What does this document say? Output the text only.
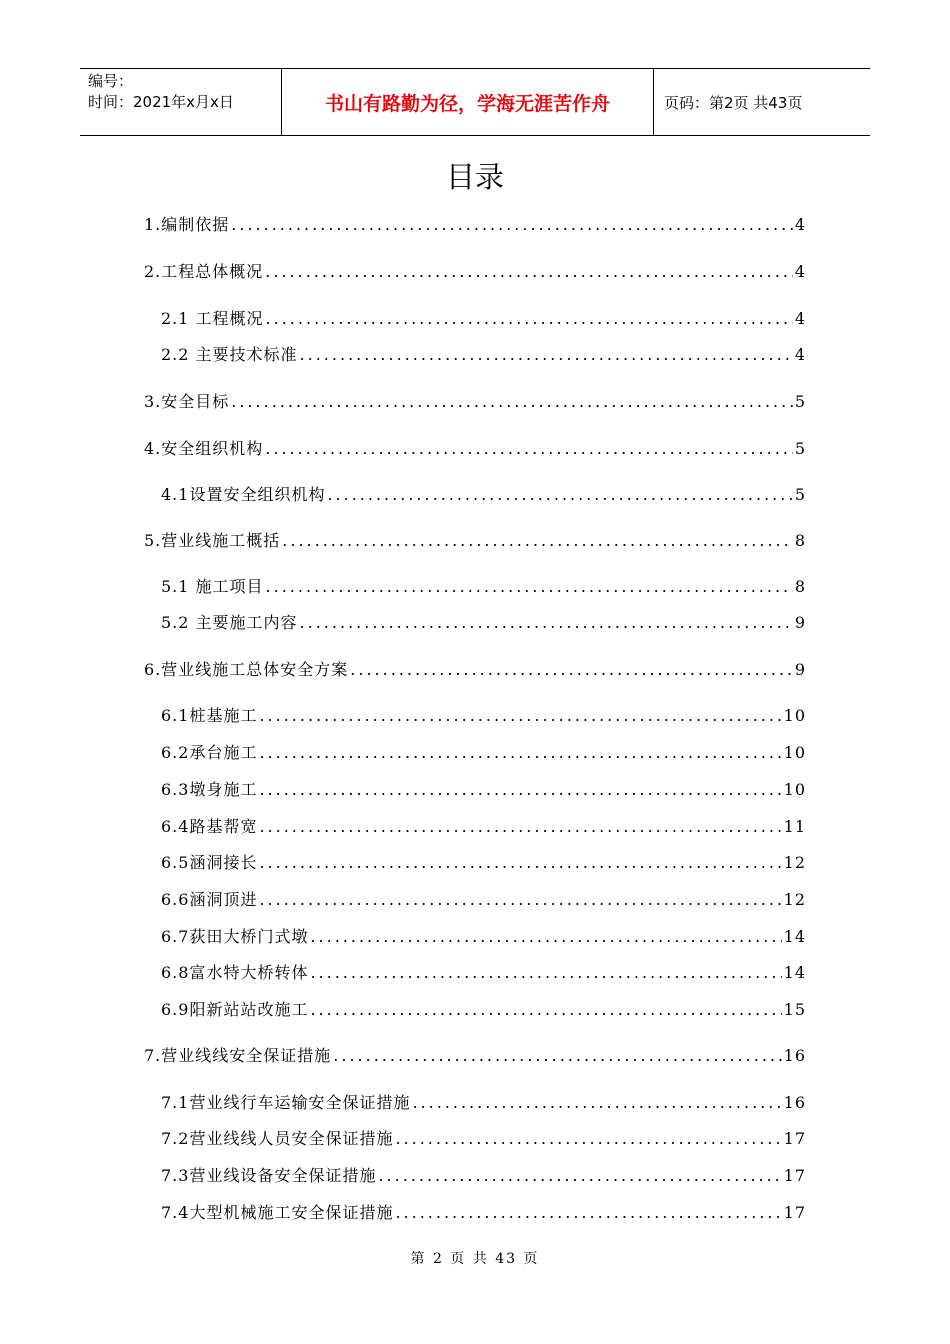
编号：
时间：2021年x月x日	书山有路勤为径，学海无涯苦作舟	页码：第2页 共43页
目录
1.编制依据 .....	4
2.工程总体概况 .....	4
2.1 工程概况 .....	4
2.2 主要技术标准 .....	4
3.安全目标 .....	5
4.安全组织机构 .....	5
4.1设置安全组织机构 .....	5
5.营业线施工概括 .....	8
5.1 施工项目 .....	8
5.2 主要施工内容 .....	9
6.营业线施工总体安全方案 .....	9
6.1桩基施工 .....	10
6.2承台施工 .....	10
6.3墩身施工 .....	10
6.4路基帮宽 .....	11
6.5涵洞接长 .....	12
6.6涵洞顶进 .....	12
6.7荻田大桥门式墩 .....	14
6.8富水特大桥转体 .....	14
6.9阳新站站改施工 .....	15
7.营业线线安全保证措施 .....	16
7.1营业线行车运输安全保证措施 .....	16
7.2营业线线人员安全保证措施 .....	17
7.3营业线设备安全保证措施 .....	17
7.4大型机械施工安全保证措施 .....	17
第 2 页 共 43 页
